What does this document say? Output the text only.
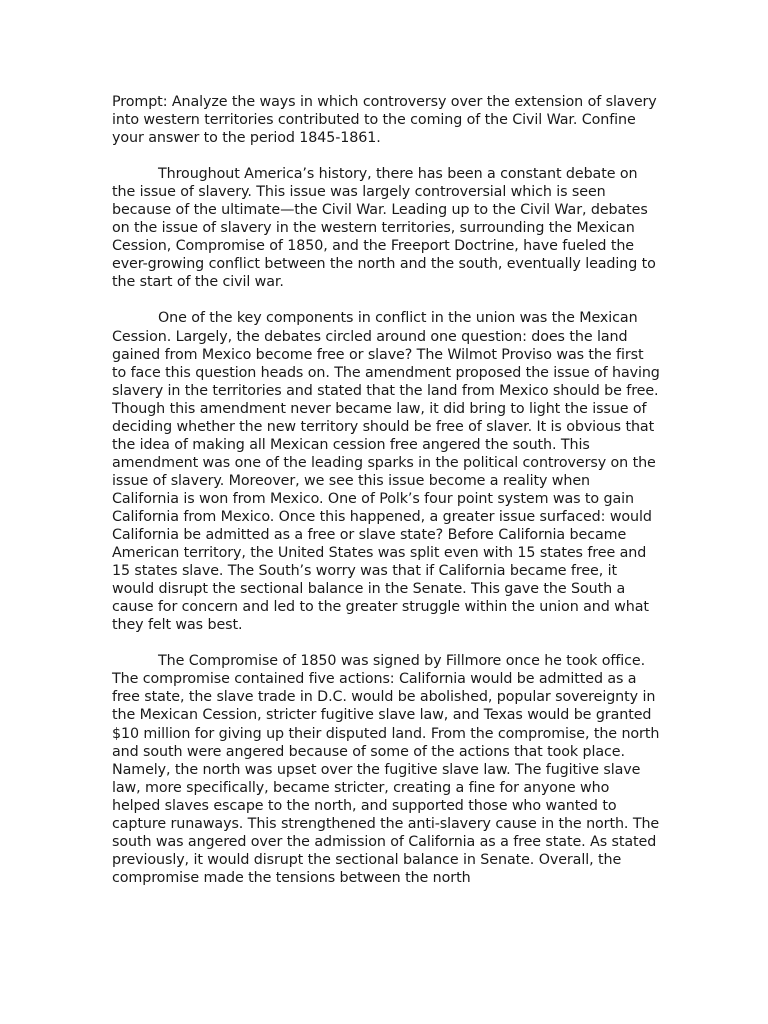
Prompt: Analyze the ways in which controversy over the extension of slavery into western territories contributed to the coming of the Civil War. Confine your answer to the period 1845-1861.

Throughout America’s history, there has been a constant debate on the issue of slavery. This issue was largely controversial which is seen because of the ultimate—the Civil War. Leading up to the Civil War, debates on the issue of slavery in the western territories, surrounding the Mexican Cession, Compromise of 1850, and the Freeport Doctrine, have fueled the ever-growing conflict between the north and the south, eventually leading to the start of the civil war.

One of the key components in conflict in the union was the Mexican Cession. Largely, the debates circled around one question: does the land gained from Mexico become free or slave? The Wilmot Proviso was the first to face this question heads on. The amendment proposed the issue of having slavery in the territories and stated that the land from Mexico should be free. Though this amendment never became law, it did bring to light the issue of deciding whether the new territory should be free of slaver. It is obvious that the idea of making all Mexican cession free angered the south. This amendment was one of the leading sparks in the political controversy on the issue of slavery. Moreover, we see this issue become a reality when California is won from Mexico. One of Polk’s four point system was to gain California from Mexico. Once this happened, a greater issue surfaced: would California be admitted as a free or slave state? Before California became American territory, the United States was split even with 15 states free and 15 states slave. The South’s worry was that if California became free, it would disrupt the sectional balance in the Senate. This gave the South a cause for concern and led to the greater struggle within the union and what they felt was best.

The Compromise of 1850 was signed by Fillmore once he took office. The compromise contained five actions: California would be admitted as a free state, the slave trade in D.C. would be abolished, popular sovereignty in the Mexican Cession, stricter fugitive slave law, and Texas would be granted $10 million for giving up their disputed land. From the compromise, the north and south were angered because of some of the actions that took place. Namely, the north was upset over the fugitive slave law. The fugitive slave law, more specifically, became stricter, creating a fine for anyone who helped slaves escape to the north, and supported those who wanted to capture runaways. This strengthened the anti-slavery cause in the north. The south was angered over the admission of California as a free state. As stated previously, it would disrupt the sectional balance in Senate. Overall, the compromise made the tensions between the north
